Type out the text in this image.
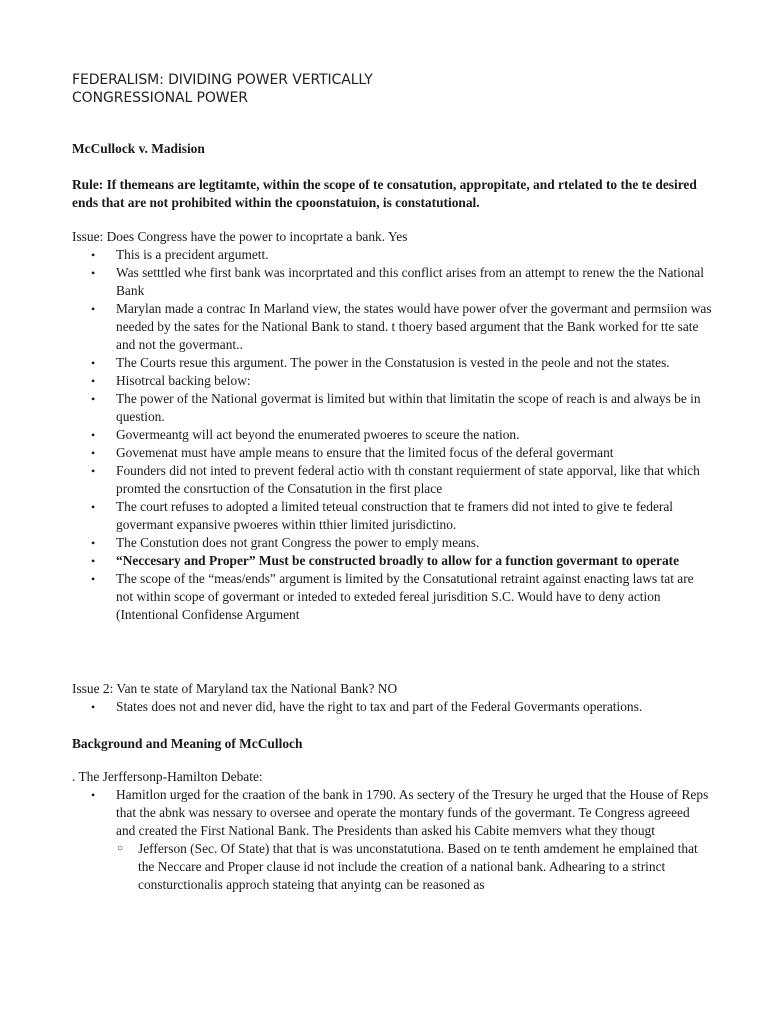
FEDERALISM: DIVIDING POWER VERTICALLY
CONGRESSIONAL POWER
McCullock v. Madision
Rule: If themeans are legtitamte, within the scope of te consatution, appropitate, and rtelated to the te desired ends that are not prohibited within the cpoonstatuion, is constatutional.
Issue: Does Congress have the power to incoprtate a bank. Yes
•	This is a precident argumett.
•	Was setttled whe first bank was incorprtated and this conflict arises from an attempt to renew the the National Bank
•	Marylan made a contrac In Marland view, the states would have power ofver the govermant and permsiion was needed by the sates for the National Bank to stand. t thoery based argument that the Bank worked for tte sate and not the govermant..
•	The Courts resue this argument. The power in the Constatusion is vested in the peole and not the states.
•	Hisotrcal backing below:
•	The power of the National govermat is limited but within that limitatin the scope of reach is and always be in question.
•	Govermeantg will act beyond the enumerated pwoeres to sceure the nation.
•	Govemenat must have ample means to ensure that the limited focus of the deferal govermant
•	Founders did not inted to prevent federal actio with th constant requierment of state apporval, like that which promted the consrtuction of the Consatution in the first place
•	The court refuses to adopted a limited teteual construction that te framers did not inted to give te federal govermant expansive pwoeres within tthier limited jurisdictino.
•	The Constution does not grant Congress the power to emply means.
•	“Neccesary and Proper” Must be constructed broadly to allow for a function govermant to operate
•	The scope of the “meas/ends” argument is limited by the Consatutional retraint against enacting laws tat are not within scope of govermant or inteded to exteded fereal jurisdition S.C. Would have to deny action (Intentional Confidense Argument
Issue 2: Van te state of Maryland tax the National Bank? NO
•	States does not and never did, have the right to tax and part of the Federal Govermants operations.
Background and Meaning of McCulloch
. The Jerffersonp-Hamilton Debate:
•	Hamitlon urged for the craation of the bank in 1790. As sectery of the Tresury he urged that the House of Reps that the abnk was nessary to oversee and operate the montary funds of the govermant. Te Congress agreeed and created the First National Bank. The Presidents than asked his Cabite memvers what they thougt
○ Jefferson (Sec. Of State) that that is was unconstatutiona. Based on te tenth amdement he emplained that the Neccare and Proper clause id not include the creation of a national bank. Adhearing to a strinct consturctionalis approch stateing that anyintg can be reasoned as
